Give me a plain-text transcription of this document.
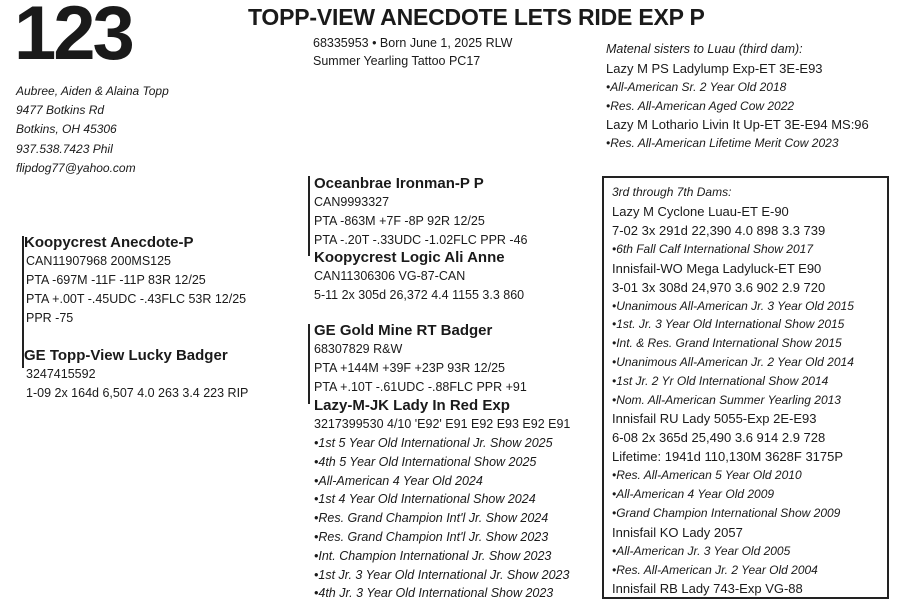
123	TOPP-VIEW ANECDOTE LETS RIDE EXP P
68335953 • Born June 1, 2025 RLW
Summer Yearling Tattoo PC17
Aubree, Aiden & Alaina Topp
9477 Botkins Rd
Botkins, OH 45306
937.538.7423 Phil
flipdog77@yahoo.com
Matenal sisters to Luau (third dam):
Lazy M PS Ladylump Exp-ET 3E-E93
•All-American Sr. 2 Year Old 2018
•Res. All-American Aged Cow 2022
Lazy M Lothario Livin It Up-ET 3E-E94 MS:96
•Res. All-American Lifetime Merit Cow 2023
Koopycrest Anecdote-P
CAN11907968 200MS125
PTA -697M -11F -11P 83R 12/25
PTA +.00T -.45UDC -.43FLC 53R 12/25
PPR -75
GE Topp-View Lucky Badger
3247415592
1-09 2x 164d 6,507 4.0 263 3.4 223 RIP
Oceanbrae Ironman-P P
CAN9993327
PTA -863M +7F -8P 92R 12/25
PTA -.20T -.33UDC -1.02FLC PPR -46
Koopycrest Logic Ali Anne
CAN11306306 VG-87-CAN
5-11 2x 305d 26,372 4.4 1155 3.3 860
GE Gold Mine RT Badger
68307829 R&W
PTA +144M +39F +23P 93R 12/25
PTA +.10T -.61UDC -.88FLC PPR +91
Lazy-M-JK Lady In Red Exp
3217399530 4/10 'E92' E91 E92 E93 E92 E91
•1st 5 Year Old International Jr. Show 2025
•4th 5 Year Old International Show 2025
•All-American 4 Year Old 2024
•1st 4 Year Old International Show 2024
•Res. Grand Champion Int'l Jr. Show 2024
•Res. Grand Champion Int'l Jr. Show 2023
•Int. Champion International Jr. Show 2023
•1st Jr. 3 Year Old International Jr. Show 2023
•4th Jr. 3 Year Old International Show 2023
3rd through 7th Dams:
Lazy M Cyclone Luau-ET E-90
7-02 3x 291d 22,390 4.0 898 3.3 739
•6th Fall Calf International Show 2017
Innisfail-WO Mega Ladyluck-ET E90
3-01 3x 308d 24,970 3.6 902 2.9 720
•Unanimous All-American Jr. 3 Year Old 2015
•1st. Jr. 3 Year Old International Show 2015
•Int. & Res. Grand International Show 2015
•Unanimous All-American Jr. 2 Year Old 2014
•1st Jr. 2 Yr Old International Show 2014
•Nom. All-American Summer Yearling 2013
Innisfail RU Lady 5055-Exp 2E-E93
6-08 2x 365d 25,490 3.6 914 2.9 728
Lifetime: 1941d 110,130M 3628F 3175P
•Res. All-American 5 Year Old 2010
•All-American 4 Year Old 2009
•Grand Champion International Show 2009
Innisfail KO Lady 2057
•All-American Jr. 3 Year Old 2005
•Res. All-American Jr. 2 Year Old 2004
Innisfail RB Lady 743-Exp VG-88
